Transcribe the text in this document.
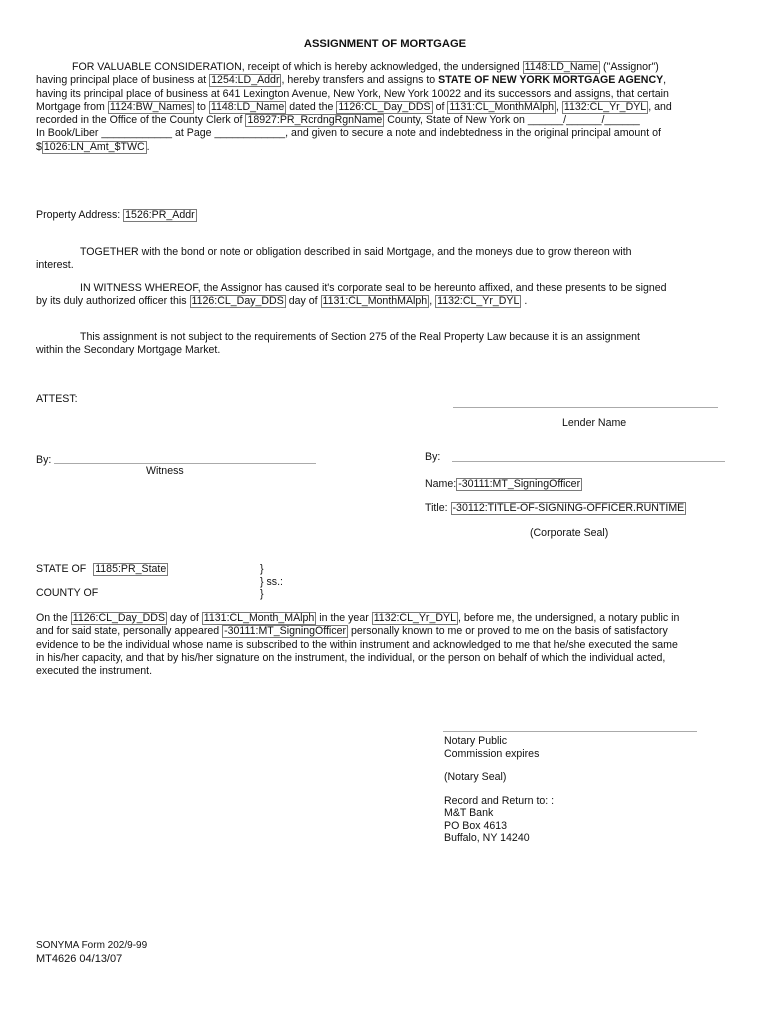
ASSIGNMENT OF MORTGAGE
FOR VALUABLE CONSIDERATION, receipt of which is hereby acknowledged, the undersigned 1148:LD_Name ("Assignor")
having principal place of business at 1254:LD_Addr , hereby transfers and assigns to STATE OF NEW YORK MORTGAGE AGENCY,
having its principal place of business at 641 Lexington Avenue, New York, New York 10022 and its successors and assigns, that certain
Mortgage from 1124:BW_Names to 1148:LD_Name dated the 1126:CL_Day_DDS of 1131:CL_MonthMAlph , 1132:CL_Yr_DYL , and
recorded in the Office of the County Clerk of 18927:PR_RcrdngRgnName County, State of New York on ______/______/______
In Book/Liber ____________ at Page ____________, and given to secure a note and indebtedness in the original principal amount of
$ 1026:LN_Amt_$TWC .
Property Address: 1526:PR_Addr
TOGETHER with the bond or note or obligation described in said Mortgage, and the moneys due to grow thereon with
interest.
IN WITNESS WHEREOF, the Assignor has caused it's corporate seal to be hereunto affixed, and these presents to be signed
by its duly authorized officer this 1126:CL_Day_DDS day of 1131:CL_MonthMAlph , 1132:CL_Yr_DYL .
This assignment is not subject to the requirements of Section 275 of the Real Property Law because it is an assignment
within the Secondary Mortgage Market.
ATTEST:
Lender Name
By:
Witness
By:
Name: -30111:MT_SigningOfficer
Title: -30112:TITLE-OF-SIGNING-OFFICER.RUNTIME
(Corporate Seal)
STATE OF 1185:PR_State
COUNTY OF
}
} ss.:
}
On the 1126:CL_Day_DDS day of 1131:CL_Month_MAlph in the year 1132:CL_Yr_DYL , before me, the undersigned, a notary public in
and for said state, personally appeared -30111:MT_SigningOfficer personally known to me or proved to me on the basis of satisfactory
evidence to be the individual whose name is subscribed to the within instrument and acknowledged to me that he/she executed the same
in his/her capacity, and that by his/her signature on the instrument, the individual, or the person on behalf of which the individual acted,
executed the instrument.
Notary Public
Commission expires
(Notary Seal)
Record and Return to: :
M&T Bank
PO Box 4613
Buffalo, NY 14240
SONYMA Form 202/9-99
MT4626 04/13/07
